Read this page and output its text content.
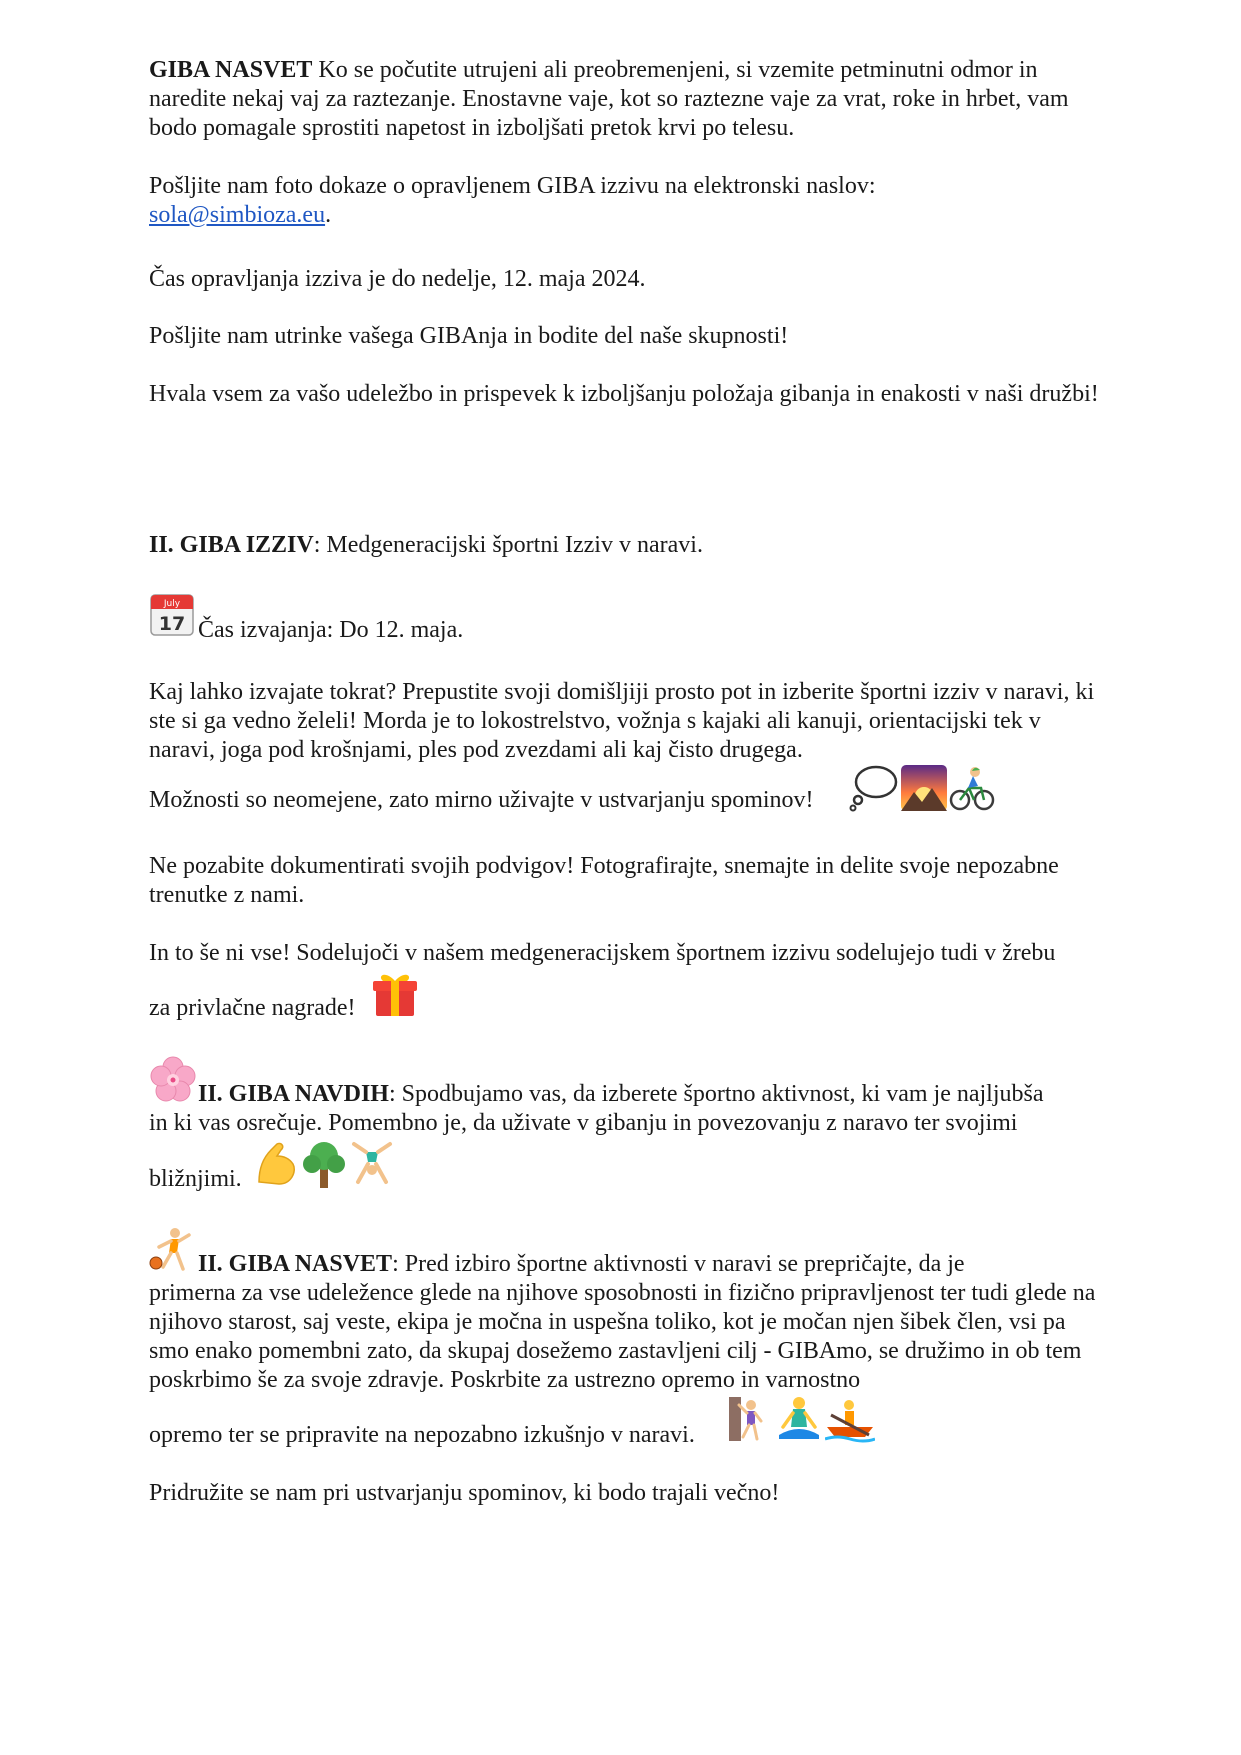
GIBA NASVET Ko se počutite utrujeni ali preobremenjeni, si vzemite petminutni odmor in naredite nekaj vaj za raztezanje. Enostavne vaje, kot so raztezne vaje za vrat, roke in hrbet, vam bodo pomagale sprostiti napetost in izboljšati pretok krvi po telesu.

Pošljite nam foto dokaze o opravljenem GIBA izzivu na elektronski naslov:
sola@simbioza.eu.

Čas opravljanja izziva je do nedelje, 12. maja 2024.

Pošljite nam utrinke vašega GIBAnja in bodite del naše skupnosti!

Hvala vsem za vašo udeležbo in prispevek k izboljšanju položaja gibanja in enakosti v naši družbi!

II. GIBA IZZIV: Medgeneracijski športni Izziv v naravi.

July
17 Čas izvajanja: Do 12. maja.

Kaj lahko izvajate tokrat? Prepustite svoji domišljiji prosto pot in izberite športni izziv v naravi, ki ste si ga vedno želeli! Morda je to lokostrelstvo, vožnja s kajaki ali kanuji, orientacijski tek v naravi, joga pod krošnjami, ples pod zvezdami ali kaj čisto drugega.

Možnosti so neomejene, zato mirno uživajte v ustvarjanju spominov!

Ne pozabite dokumentirati svojih podvigov! Fotografirajte, snemajte in delite svoje nepozabne trenutke z nami.

In to še ni vse! Sodelujoči v našem medgeneracijskem športnem izzivu sodelujejo tudi v žrebu

za privlačne nagrade!
II. GIBA NAVDIH: Spodbujamo vas, da izberete športno aktivnost, ki vam je najljubša

in ki vas osrečuje. Pomembno je, da uživate v gibanju in povezovanju z naravo ter svojimi

bližnjimi.
II. GIBA NASVET: Pred izbiro športne aktivnosti v naravi se prepričajte, da je

primerna za vse udeležence glede na njihove sposobnosti in fizično pripravljenost ter tudi glede na njihovo starost, saj veste, ekipa je močna in uspešna toliko, kot je močan njen šibek člen, vsi pa smo enako pomembni zato, da skupaj dosežemo zastavljeni cilj - GIBAmo, se družimo in ob tem poskrbimo še za svoje zdravje. Poskrbite za ustrezno opremo in varnostno

opremo ter se pripravite na nepozabno izkušnjo v naravi.

Pridružite se nam pri ustvarjanju spominov, ki bodo trajali večno!
